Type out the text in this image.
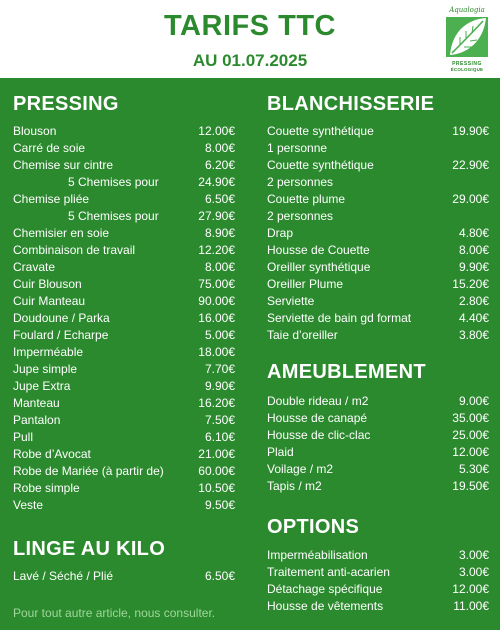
TARIFS TTC
AU 01.07.2025
Aqualogia
PRESSING
ÉCOLOGIQUE
PRESSING
Blouson	12.00€
Carré de soie	8.00€
Chemise sur cintre	6.20€
5 Chemises pour	24.90€
Chemise pliée	6.50€
5 Chemises pour	27.90€
Chemisier en soie	8.90€
Combinaison de travail	12.20€
Cravate	8.00€
Cuir Blouson	75.00€
Cuir Manteau	90.00€
Doudoune / Parka	16.00€
Foulard / Echarpe	5.00€
Imperméable	18.00€
Jupe simple	7.70€
Jupe Extra	9.90€
Manteau	16.20€
Pantalon	7.50€
Pull	6.10€
Robe d’Avocat	21.00€
Robe de Mariée (à partir de)	60.00€
Robe simple	10.50€
Veste	9.50€
LINGE AU KILO
Lavé / Séché / Plié	6.50€
BLANCHISSERIE
Couette synthétique	19.90€
1 personne
Couette synthétique	22.90€
2 personnes
Couette plume	29.00€
2 personnes
Drap	4.80€
Housse de Couette	8.00€
Oreiller synthétique	9.90€
Oreiller Plume	15.20€
Serviette	2.80€
Serviette de bain gd format	4.40€
Taie d’oreiller	3.80€
AMEUBLEMENT
Double rideau / m2	9.00€
Housse de canapé	35.00€
Housse de clic-clac	25.00€
Plaid	12.00€
Voilage / m2	5.30€
Tapis / m2	19.50€
OPTIONS
Imperméabilisation	3.00€
Traitement anti-acarien	3.00€
Détachage spécifique	12.00€
Housse de vêtements	11.00€
Pour tout autre article, nous consulter.
